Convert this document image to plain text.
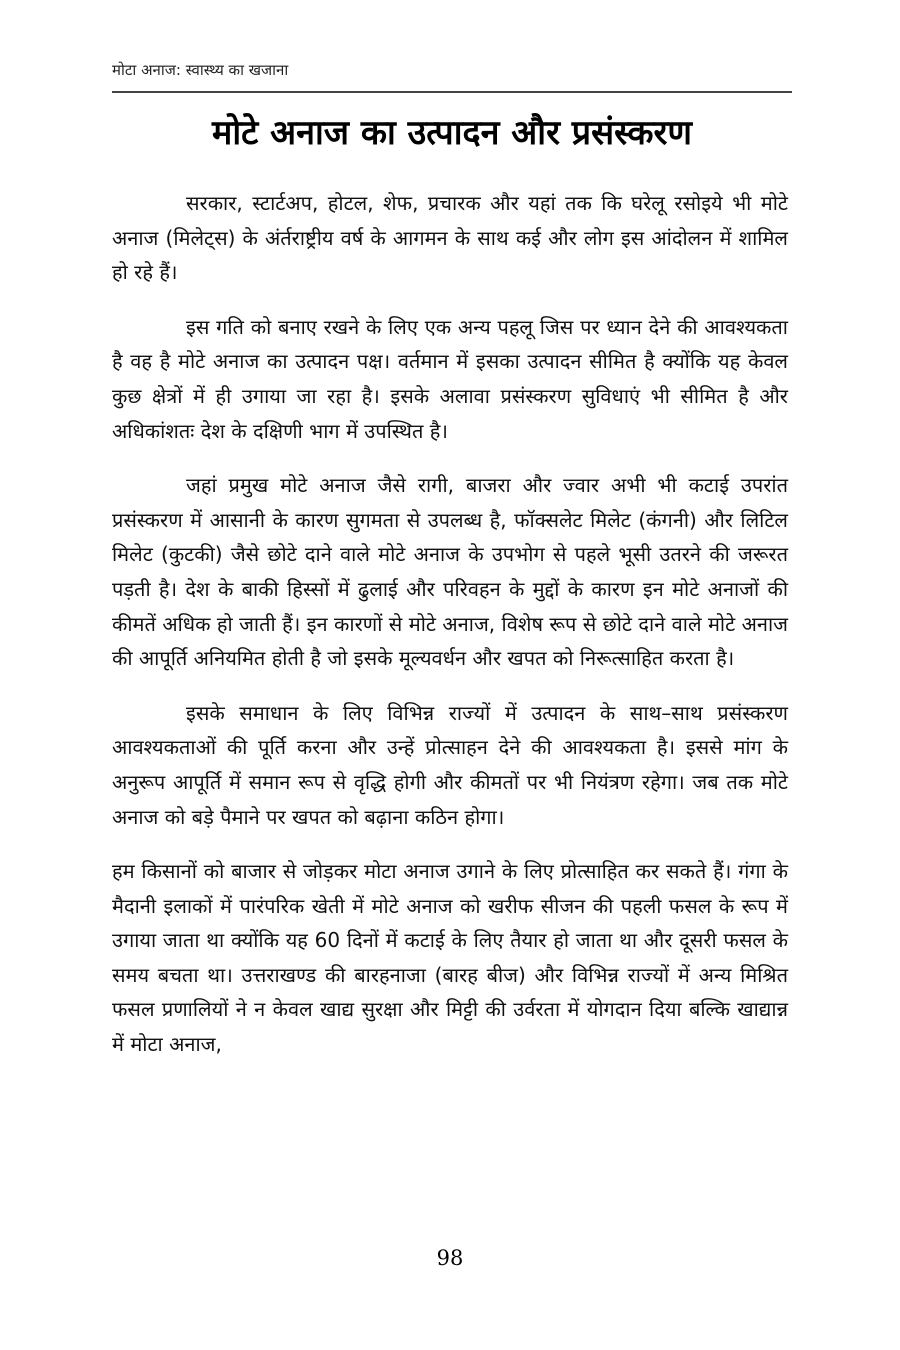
मोटा अनाज: स्वास्थ्य का खजाना
मोटे अनाज का उत्पादन और प्रसंस्करण

सरकार, स्टार्टअप, होटल, शेफ, प्रचारक और यहां तक कि घरेलू रसोइये भी मोटे अनाज (मिलेट्स) के अंर्तराष्ट्रीय वर्ष के आगमन के साथ कई और लोग इस आंदोलन में शामिल हो रहे हैं।

इस गति को बनाए रखने के लिए एक अन्य पहलू जिस पर ध्यान देने की आवश्यकता है वह है मोटे अनाज का उत्पादन पक्ष। वर्तमान में इसका उत्पादन सीमित है क्योंकि यह केवल कुछ क्षेत्रों में ही उगाया जा रहा है। इसके अलावा प्रसंस्करण सुविधाएं भी सीमित है और अधिकांशतः देश के दक्षिणी भाग में उपस्थित है।

जहां प्रमुख मोटे अनाज जैसे रागी, बाजरा और ज्वार अभी भी कटाई उपरांत प्रसंस्करण में आसानी के कारण सुगमता से उपलब्ध है, फॉक्सलेट मिलेट (कंगनी) और लिटिल मिलेट (कुटकी) जैसे छोटे दाने वाले मोटे अनाज के उपभोग से पहले भूसी उतरने की जरूरत पड़ती है। देश के बाकी हिस्सों में ढुलाई और परिवहन के मुद्दों के कारण इन मोटे अनाजों की कीमतें अधिक हो जाती हैं। इन कारणों से मोटे अनाज, विशेष रूप से छोटे दाने वाले मोटे अनाज की आपूर्ति अनियमित होती है जो इसके मूल्यवर्धन और खपत को निरूत्साहित करता है।

इसके समाधान के लिए विभिन्न राज्यों में उत्पादन के साथ–साथ प्रसंस्करण आवश्यकताओं की पूर्ति करना और उन्हें प्रोत्साहन देने की आवश्यकता है। इससे मांग के अनुरूप आपूर्ति में समान रूप से वृद्धि होगी और कीमतों पर भी नियंत्रण रहेगा। जब तक मोटे अनाज को बड़े पैमाने पर खपत को बढ़ाना कठिन होगा।

हम किसानों को बाजार से जोड़कर मोटा अनाज उगाने के लिए प्रोत्साहित कर सकते हैं। गंगा के मैदानी इलाकों में पारंपरिक खेती में मोटे अनाज को खरीफ सीजन की पहली फसल के रूप में उगाया जाता था क्योंकि यह 60 दिनों में कटाई के लिए तैयार हो जाता था और दूसरी फसल के समय बचता था। उत्तराखण्ड की बारहनाजा (बारह बीज) और विभिन्न राज्यों में अन्य मिश्रित फसल प्रणालियों ने न केवल खाद्य सुरक्षा और मिट्टी की उर्वरता में योगदान दिया बल्कि खाद्यान्न में मोटा अनाज,

98
